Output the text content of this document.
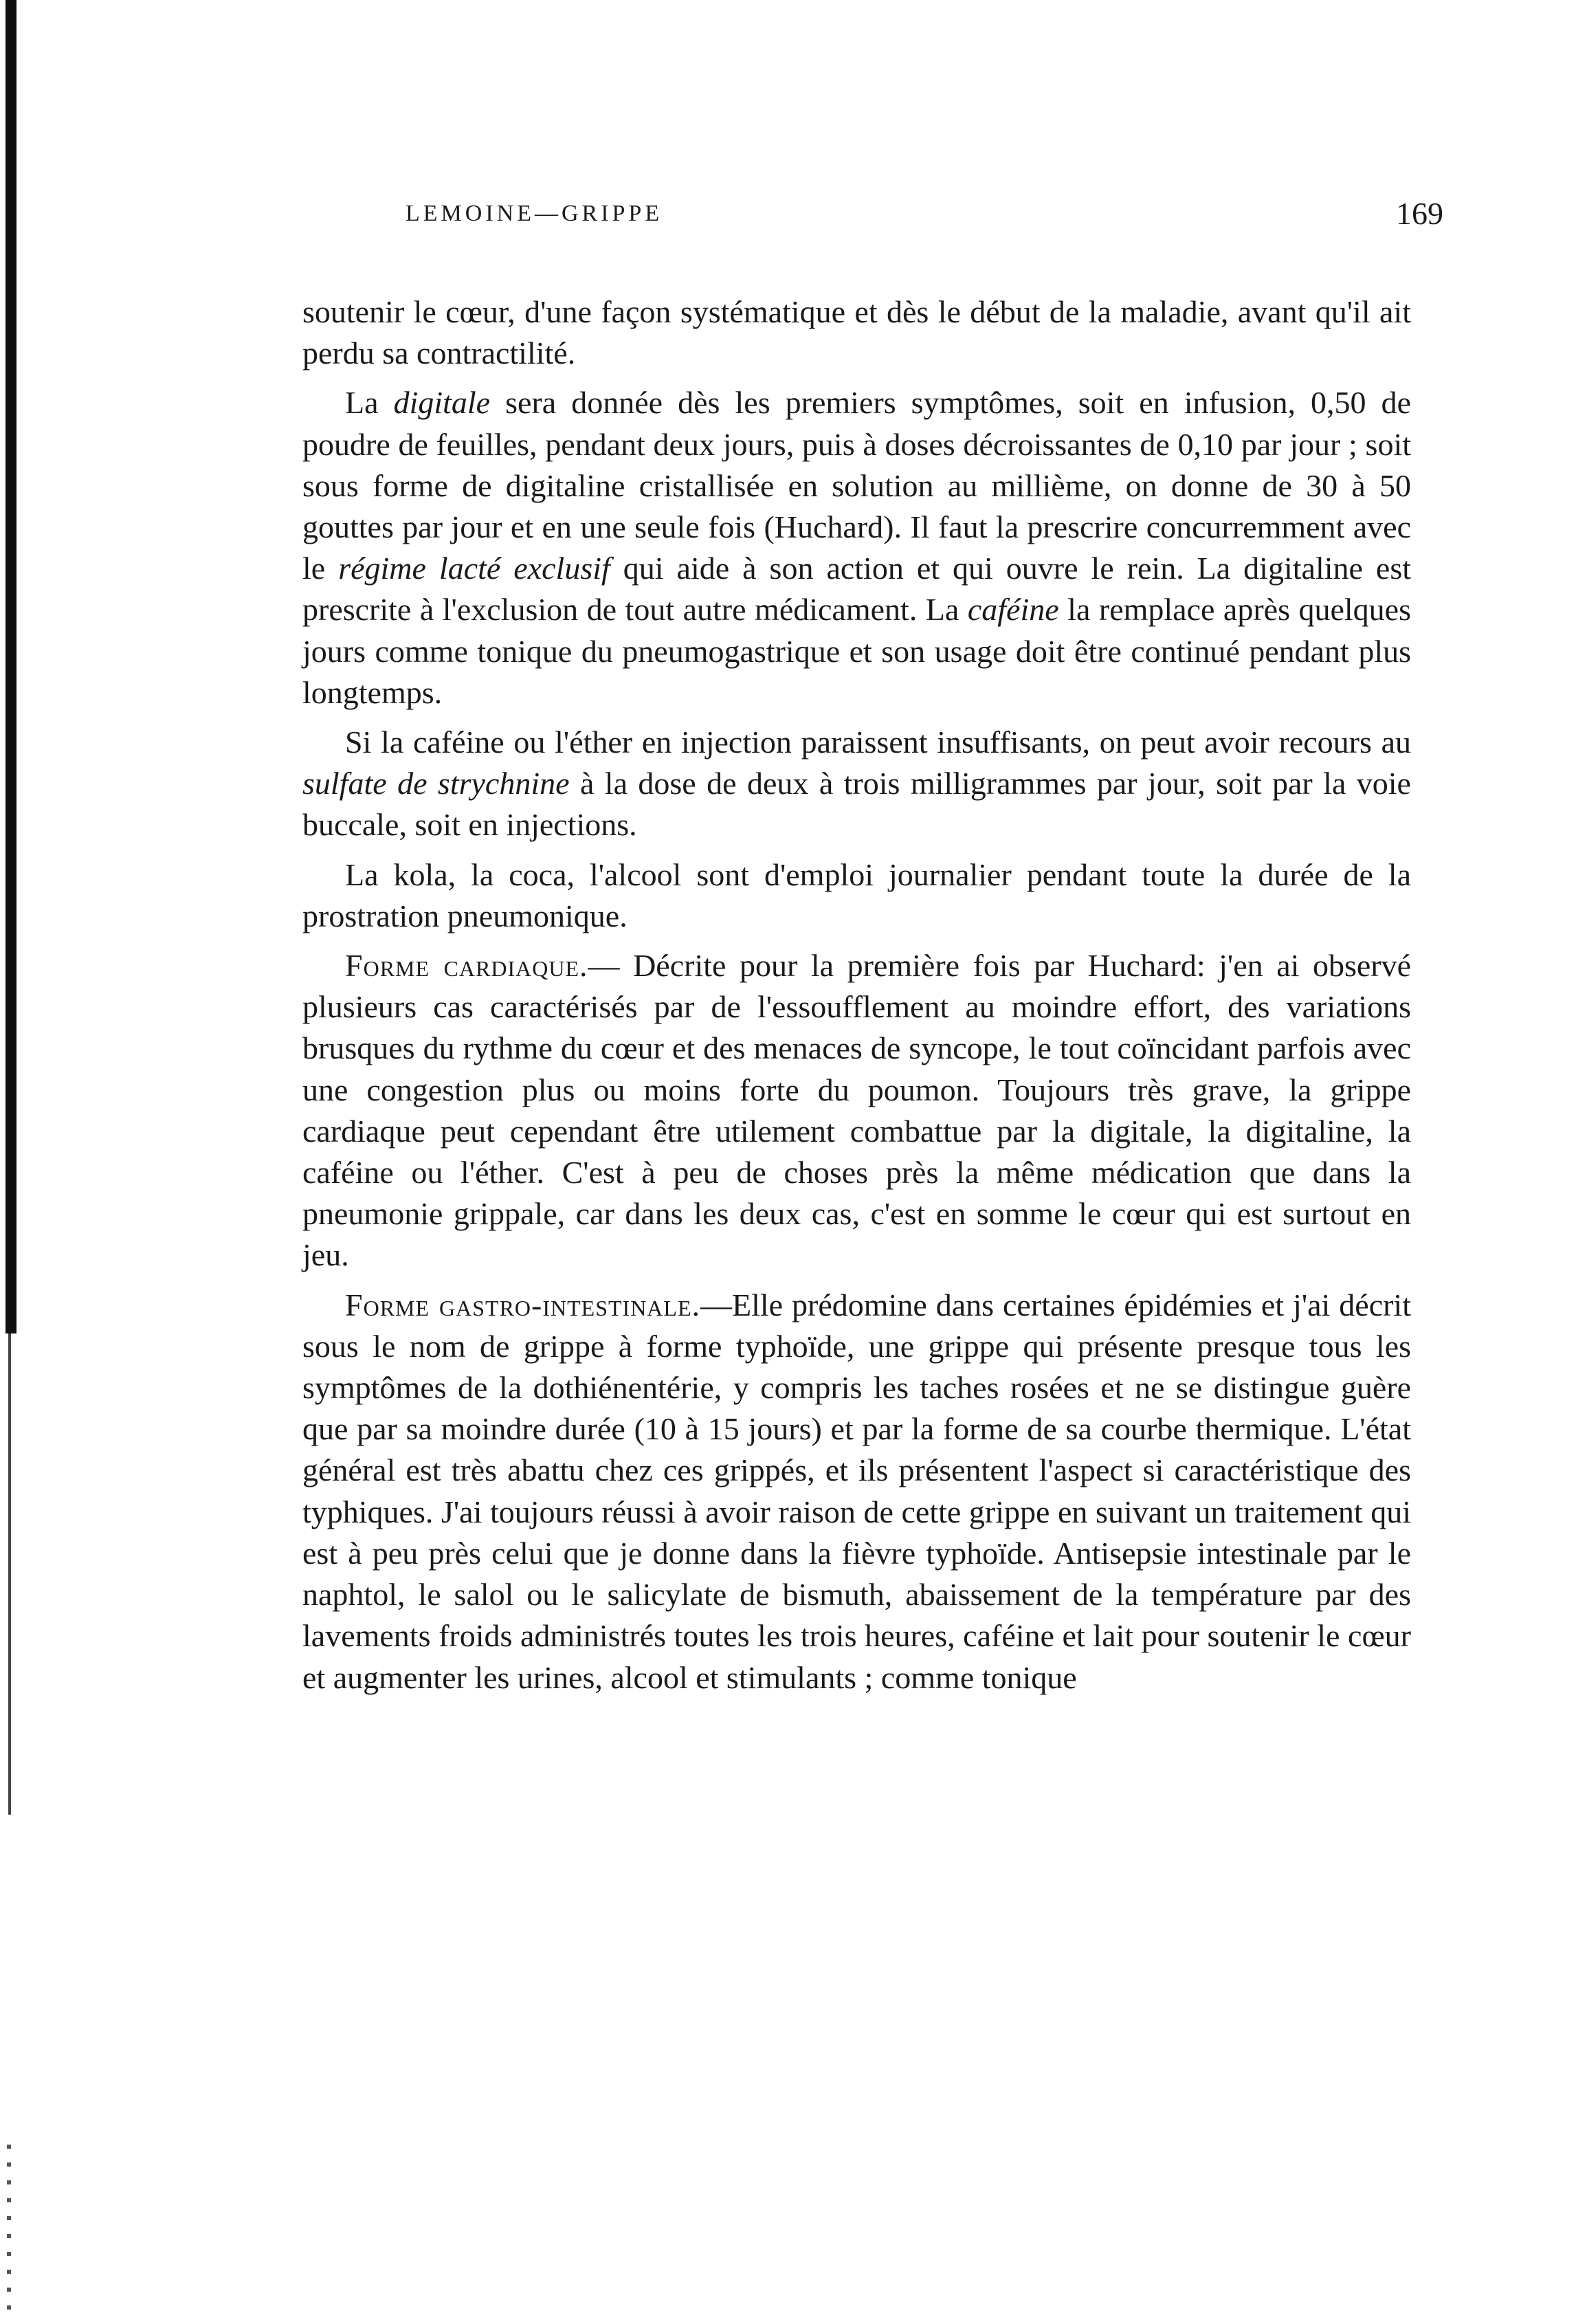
LEMOINE—GRIPPE	169

soutenir le cœur, d'une façon systématique et dès le début de la maladie, avant qu'il ait perdu sa contractilité.

La digitale sera donnée dès les premiers symptômes, soit en infusion, 0,50 de poudre de feuilles, pendant deux jours, puis à doses décroissantes de 0,10 par jour ; soit sous forme de digitaline cristallisée en solution au millième, on donne de 30 à 50 gouttes par jour et en une seule fois (Huchard). Il faut la prescrire concurremment avec le régime lacté exclusif qui aide à son action et qui ouvre le rein. La digitaline est prescrite à l'exclusion de tout autre médicament. La caféine la remplace après quelques jours comme tonique du pneumogastrique et son usage doit être continué pendant plus longtemps.

Si la caféine ou l'éther en injection paraissent insuffisants, on peut avoir recours au sulfate de strychnine à la dose de deux à trois milligrammes par jour, soit par la voie buccale, soit en injections.

La kola, la coca, l'alcool sont d'emploi journalier pendant toute la durée de la prostration pneumonique.

Forme cardiaque.— Décrite pour la première fois par Huchard: j'en ai observé plusieurs cas caractérisés par de l'essoufflement au moindre effort, des variations brusques du rythme du cœur et des menaces de syncope, le tout coïncidant parfois avec une congestion plus ou moins forte du poumon. Toujours très grave, la grippe cardiaque peut cependant être utilement combattue par la digitale, la digitaline, la caféine ou l'éther. C'est à peu de choses près la même médication que dans la pneumonie grippale, car dans les deux cas, c'est en somme le cœur qui est surtout en jeu.

Forme gastro-intestinale.—Elle prédomine dans certaines épidémies et j'ai décrit sous le nom de grippe à forme typhoïde, une grippe qui présente presque tous les symptômes de la dothiénentérie, y compris les taches rosées et ne se distingue guère que par sa moindre durée (10 à 15 jours) et par la forme de sa courbe thermique. L'état général est très abattu chez ces grippés, et ils présentent l'aspect si caractéristique des typhiques. J'ai toujours réussi à avoir raison de cette grippe en suivant un traitement qui est à peu près celui que je donne dans la fièvre typhoïde. Antisepsie intestinale par le naphtol, le salol ou le salicylate de bismuth, abaissement de la température par des lavements froids administrés toutes les trois heures, caféine et lait pour soutenir le cœur et augmenter les urines, alcool et stimulants ; comme tonique
